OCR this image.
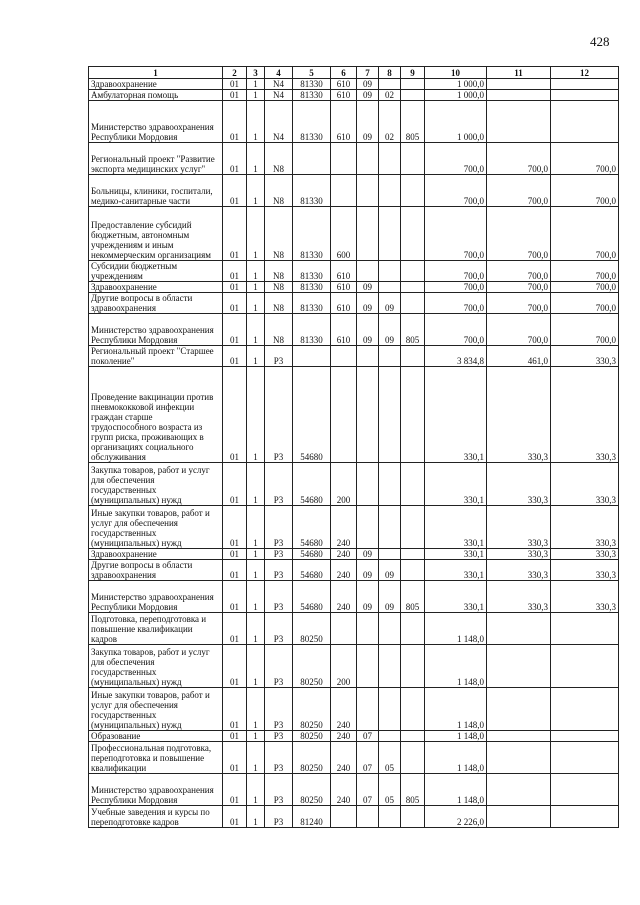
428
1	2	3	4	5	6	7	8	9	10	11	12
Здравоохранение	01	1	N4	81330	610	09			1 000,0		
Амбулаторная помощь	01	1	N4	81330	610	09	02		1 000,0		
Министерство здравоохранения Республики Мордовия	01	1	N4	81330	610	09	02	805	1 000,0		
Региональный проект "Развитие экспорта медицинских услуг"	01	1	N8						700,0	700,0	700,0
Больницы, клиники, госпитали, медико-санитарные части	01	1	N8	81330					700,0	700,0	700,0
Предоставление субсидий бюджетным, автономным учреждениям и иным некоммерческим организациям	01	1	N8	81330	600				700,0	700,0	700,0
Субсидии бюджетным учреждениям	01	1	N8	81330	610				700,0	700,0	700,0
Здравоохранение	01	1	N8	81330	610	09			700,0	700,0	700,0
Другие вопросы в области здравоохранения	01	1	N8	81330	610	09	09		700,0	700,0	700,0
Министерство здравоохранения Республики Мордовия	01	1	N8	81330	610	09	09	805	700,0	700,0	700,0
Региональный проект "Старшее поколение"	01	1	P3						3 834,8	461,0	330,3
Проведение вакцинации против пневмококковой инфекции граждан старше трудоспособного возраста из групп риска, проживающих в организациях социального обслуживания	01	1	P3	54680					330,1	330,3	330,3
Закупка товаров, работ и услуг для обеспечения государственных (муниципальных) нужд	01	1	P3	54680	200				330,1	330,3	330,3
Иные закупки товаров, работ и услуг для обеспечения государственных (муниципальных) нужд	01	1	P3	54680	240				330,1	330,3	330,3
Здравоохранение	01	1	P3	54680	240	09			330,1	330,3	330,3
Другие вопросы в области здравоохранения	01	1	P3	54680	240	09	09		330,1	330,3	330,3
Министерство здравоохранения Республики Мордовия	01	1	P3	54680	240	09	09	805	330,1	330,3	330,3
Подготовка, переподготовка и повышение квалификации кадров	01	1	P3	80250					1 148,0		
Закупка товаров, работ и услуг для обеспечения государственных (муниципальных) нужд	01	1	P3	80250	200				1 148,0		
Иные закупки товаров, работ и услуг для обеспечения государственных (муниципальных) нужд	01	1	P3	80250	240				1 148,0		
Образование	01	1	P3	80250	240	07			1 148,0		
Профессиональная подготовка, переподготовка и повышение квалификации	01	1	P3	80250	240	07	05		1 148,0		
Министерство здравоохранения Республики Мордовия	01	1	P3	80250	240	07	05	805	1 148,0		
Учебные заведения и курсы по переподготовке кадров	01	1	P3	81240					2 226,0		
